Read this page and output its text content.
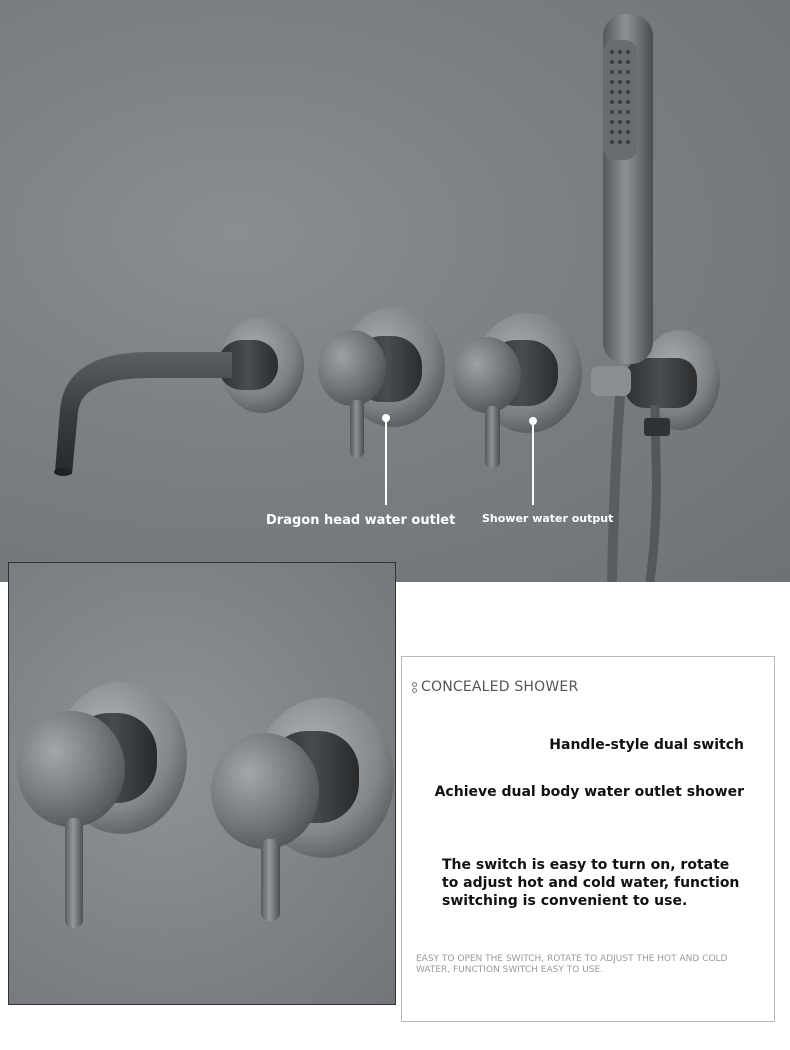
Dragon head water outlet Shower water output
CONCEALED SHOWER
Handle-style dual switch
Achieve dual body water outlet shower
The switch is easy to turn on, rotate to adjust hot and cold water, function switching is convenient to use.
EASY TO OPEN THE SWITCH, ROTATE TO ADJUST THE HOT AND COLD WATER, FUNCTION SWITCH EASY TO USE.
